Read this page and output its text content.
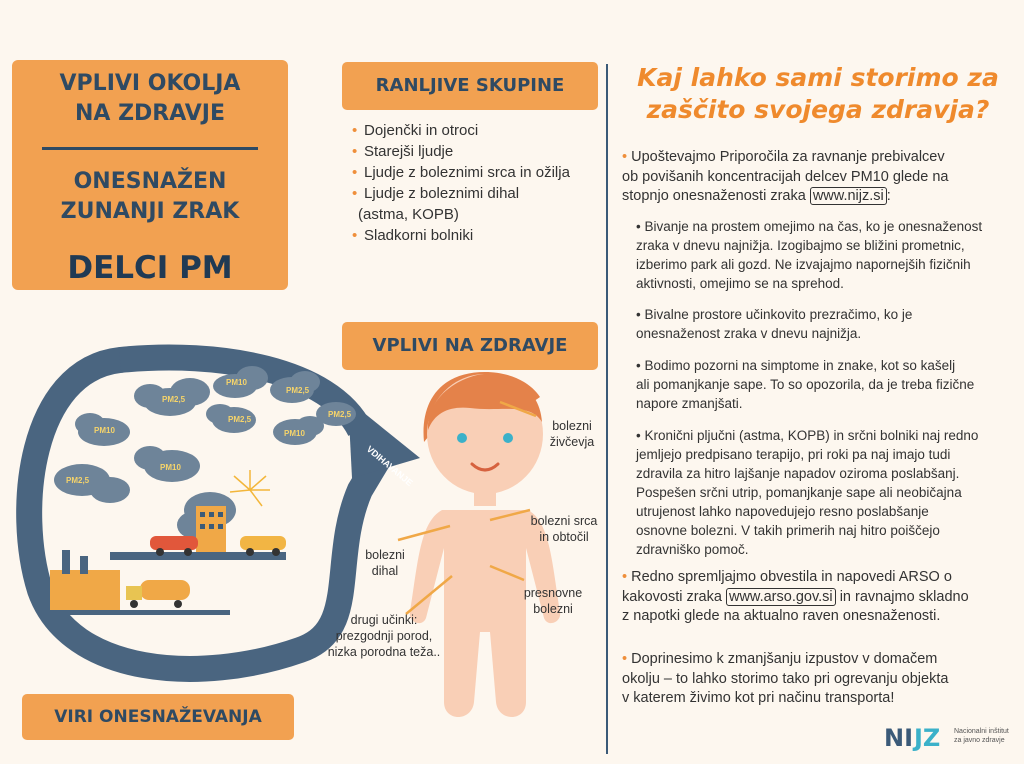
VPLIVI OKOLJA
NA ZDRAVJE
ONESNAŽEN
ZUNANJI ZRAK
DELCI PM
RANLJIVE SKUPINE
• Dojenčki in otroci
• Starejši ljudje
• Ljudje z boleznimi srca in ožilja
• Ljudje z boleznimi dihal
(astma, KOPB)
• Sladkorni bolniki
VPLIVI NA ZDRAVJE
VDIHAVANJE
PM2,5
PM10
PM2,5
PM10
PM2,5
PM10
PM2,5
PM10
PM2,5
VIRI ONESNAŽEVANJA
bolezni
živčevja
bolezni srca
in obtočil
bolezni
dihal
presnovne
bolezni
drugi učinki:
prezgodnji porod,
nizka porodna teža..
Kaj lahko sami storimo za
zaščito svojega zdravja?
• Upoštevajmo Priporočila za ravnanje prebivalcev
ob povišanih koncentracijah delcev PM10 glede na
stopnjo onesnaženosti zraka www.nijz.si :
• Bivanje na prostem omejimo na čas, ko je onesnaženost
zraka v dnevu najnižja. Izogibajmo se bližini prometnic,
izberimo park ali gozd. Ne izvajajmo napornejših fizičnih
aktivnosti, omejimo se na sprehod.
• Bivalne prostore učinkovito prezračimo, ko je
onesnaženost zraka v dnevu najnižja.
• Bodimo pozorni na simptome in znake, kot so kašelj
ali pomanjkanje sape. To so opozorila, da je treba fizične
napore zmanjšati.
• Kronični pljučni (astma, KOPB) in srčni bolniki naj redno
jemljejo predpisano terapijo, pri roki pa naj imajo tudi
zdravila za hitro lajšanje napadov oziroma poslabšanj.
Pospešen srčni utrip, pomanjkanje sape ali neobičajna
utrujenost lahko napovedujejo resno poslabšanje
osnovne bolezni. V takih primerih naj hitro poiščejo
zdravniško pomoč.
• Redno spremljajmo obvestila in napovedi ARSO o
kakovosti zraka www.arso.gov.si in ravnajmo skladno
z napotki glede na aktualno raven onesnaženosti.
• Doprinesimo k zmanjšanju izpustov v domačem
okolju – to lahko storimo tako pri ogrevanju objekta
v katerem živimo kot pri načinu transporta!
NI JZ Nacionalni inštitut
za javno zdravje
